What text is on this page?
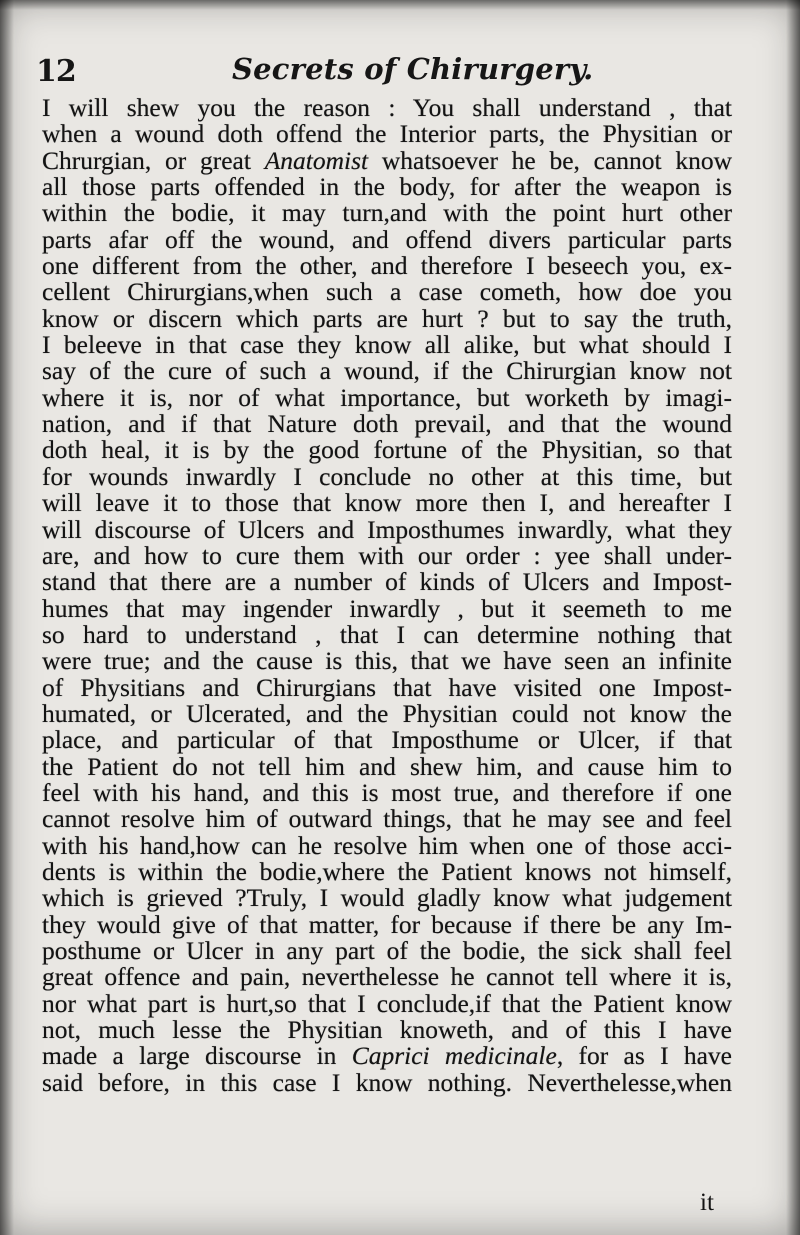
12	Secrets of Chirurgery.
I will shew you the reason : You shall understand , that
when a wound doth offend the Interior parts, the Physitian or
Chrurgian, or great Anatomist whatsoever he be, cannot know
all those parts offended in the body, for after the weapon is
within the bodie, it may turn,and with the point hurt other
parts afar off the wound, and offend divers particular parts
one different from the other, and therefore I beseech you, ex-
cellent Chirurgians,when such a case cometh, how doe you
know or discern which parts are hurt ? but to say the truth,
I beleeve in that case they know all alike, but what should I
say of the cure of such a wound, if the Chirurgian know not
where it is, nor of what importance, but worketh by imagi-
nation, and if that Nature doth prevail, and that the wound
doth heal, it is by the good fortune of the Physitian, so that
for wounds inwardly I conclude no other at this time, but
will leave it to those that know more then I, and hereafter I
will discourse of Ulcers and Imposthumes inwardly, what they
are, and how to cure them with our order : yee shall under-
stand that there are a number of kinds of Ulcers and Impost-
humes that may ingender inwardly , but it seemeth to me
so hard to understand , that I can determine nothing that
were true; and the cause is this, that we have seen an infinite
of Physitians and Chirurgians that have visited one Impost-
humated, or Ulcerated, and the Physitian could not know the
place, and particular of that Imposthume or Ulcer, if that
the Patient do not tell him and shew him, and cause him to
feel with his hand, and this is most true, and therefore if one
cannot resolve him of outward things, that he may see and feel
with his hand,how can he resolve him when one of those acci-
dents is within the bodie,where the Patient knows not himself,
which is grieved ?Truly, I would gladly know what judgement
they would give of that matter, for because if there be any Im-
posthume or Ulcer in any part of the bodie, the sick shall feel
great offence and pain, neverthelesse he cannot tell where it is,
nor what part is hurt,so that I conclude,if that the Patient know
not, much lesse the Physitian knoweth, and of this I have
made a large discourse in Caprici medicinale, for as I have
said before, in this case I know nothing. Neverthelesse,when
it
